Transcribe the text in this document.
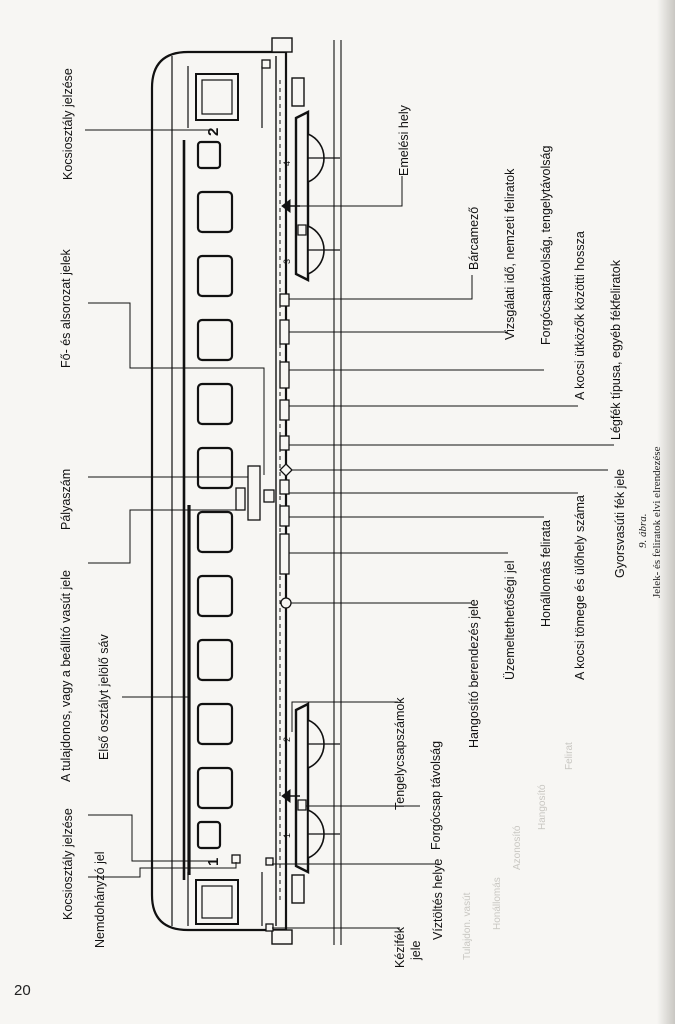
Felirat
Hangosító
Azonosító
Honállomás
Tulajdon. vasút
2
1
4
3
2
1
Kocsiosztály jelzése	Emelési hely
Bárcamező
Fő- és alsorozat jelek	Vizsgálati idő, nemzeti feliratok Forgócsaptávolság, tengelytávolság A kocsi ütközők közötti hossza Légfék típusa, egyéb fékfeliratok
Pályaszám	Gyorsvasúti fék jele
A kocsi tömege és ülőhely száma
A tulajdonos, vagy a beállító vasút jele	Honállomás felirata
Első osztályt jelölő sáv
Üzemeltethetőségi jel
Hangosító berendezés jele
Tengelycsapszámok Forgócsap távolság
Kocsiosztály jelzése Nemdohányzó jel	Víztöltés helye
Kézifék jele
9. ábra. Jelek- és feliratok elvi elrendezése
20
